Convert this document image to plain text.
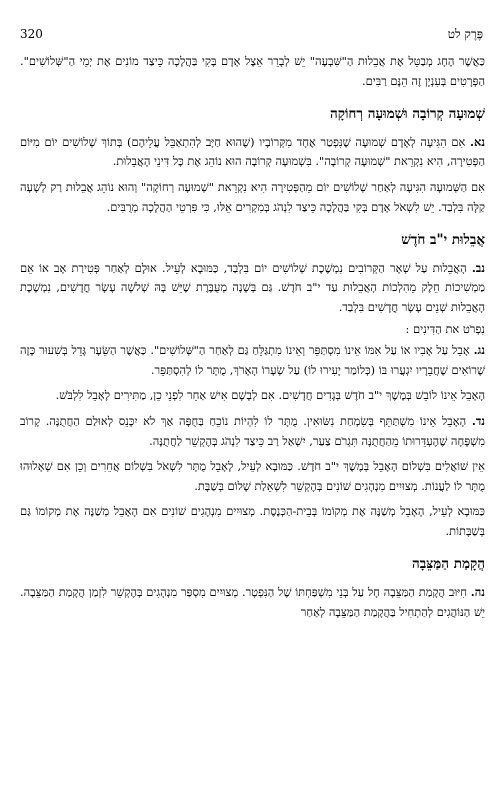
320	פֶּרֶק לט

כַּאֲשֶׁר הֶחָג מְבַטֵּל אֶת אֲבֵלוּת הַ"שִּׁבְעָה" יֵשׁ לְבָרֵר אֵצֶל אָדָם בָּקִי בַּהֲלָכָה כֵּיצַד מוֹנִים אֶת יְמֵי הַ"שְּׁלוֹשִׁים". הַפְּרָטִים בְּעִנְיָן זֶה הֵנָּם רַבִּים.

שְׁמוּעָה קְרוֹבָה וּשְׁמוּעָה רְחוֹקָה

נא. אִם הִגִּיעָה לְאָדָם שְׁמוּעָה שֶׁנִּפְטַר אֶחָד מִקְּרוֹבָיו (שֶׁהוּא חַיָּב לְהִתְאַבֵּל עֲלֵיהֶם) בְּתוֹךְ שְׁלוֹשִׁים יוֹם מִיּוֹם הַפְּטִירָה, הִיא נִקְרֵאת "שְׁמוּעָה קְרוֹבָה". בִּשְׁמוּעָה קְרוֹבָה הוּא נוֹהֵג אֶת כָּל דִּינֵי הָאֲבֵלוּת.

אִם הַשְּׁמוּעָה הִגִּיעָה לְאַחַר שְׁלוֹשִׁים יוֹם מֵהַפְּטִירָה הִיא נִקְרֵאת "שְׁמוּעָה רְחוֹקָה" וְהוּא נוֹהֵג אֲבֵלוּת רַק לְשָׁעָה קַלָּה בִּלְבַד. יֵשׁ לִשְׁאֹל אָדָם בָּקִי בַּהֲלָכָה כֵּיצַד לִנְהֹג בְּמִקְרִים אֵלּוּ, כִּי פִּרְטֵי הַהֲלָכָה מְרֻבִּים.

אֲבֵלוּת י"ב חֹדֶשׁ

נב. הָאֲבֵלוּת עַל שְׁאָר הַקְּרוֹבִים נִמְשֶׁכֶת שְׁלוֹשִׁים יוֹם בִּלְבַד, כַּמּוּבָא לְעֵיל. אוּלָם לְאַחַר פְּטִירַת אָב אוֹ אֵם מַמְשִׁיכוֹת חֵלֶק מֵהִלְכוֹת הָאֲבֵלוּת עַד י"ב חֹדֶשׁ. גַּם בְּשָׁנָה מְעֻבֶּרֶת שֶׁיֵּשׁ בָּהּ שְׁלֹשָׁה עָשָׂר חֳדָשִׁים, נִמְשֶׁכֶת הָאֲבֵלוּת שְׁנֵים עָשָׂר חֳדָשִׁים בִּלְבַד.

נִפְרֹט את הַדִּינִים :

נג. אָבֵל עַל אָבִיו אוֹ עַל אִמּוֹ אֵינוֹ מִסְתַּפֵּר וְאֵינוֹ מִתְגַּלֵּחַ גַּם לְאַחַר הַ"שְּׁלוֹשִׁים". כַּאֲשֶׁר הַשֵּׂעָר גָּדֵל בְּשִׁעוּר כָּזֶה שֶׁרוֹאִים שֶׁחֲבֵרָיו יִגְעֲרוּ בּוֹ (כְּלוֹמַר יָעִירוּ לוֹ) עַל שְׂעָרוֹ הָאָרֹךְ, מֻתָּר לוֹ לְהִסְתַּפֵּר.

הָאָבֵל אֵינוֹ לוֹבֵשׁ בְּמֶשֶׁךְ י"ב חֹדֶשׁ בְּגָדִים חֲדָשִׁים. אִם לְבָשָׁם אִישׁ אַחֵר לִפְנֵי כֵן, מַתִּירִים לָאָבֵל לִלְבֹּשׁ.

נד. הָאָבֵל אֵינוֹ מִשְׁתַּתֵּף בְּשִׂמְחַת נִשּׂוּאִין. מֻתָּר לוֹ לִהְיוֹת נוֹכֵחַ בַּחֻפָּה אַךְ לֹא יִכָּנֵס לְאוּלַם הַחֲתֻנָּה. קָרוֹב מִשְׁפָּחָה שֶׁהֶעְדֵּרוּתוֹ מֵהַחֲתֻנָּה תִּגְרֹם צַעַר, יִשְׁאַל רַב כֵּיצַד לִנְהֹג בְּהֶקְשֵׁר לַחֲתֻנָּה.

אֵין שׁוֹאֲלִים בִּשְׁלוֹם הָאָבֵל בְּמֶשֶׁךְ י"ב חֹדֶשׁ. כַּמּוּבָא לְעֵיל, לָאָבֵל מֻתָּר לִשְׁאֹל בִּשְׁלוֹם אֲחֵרִים וְכֵן אִם שְׁאָלוּהוּ מֻתָּר לוֹ לַעֲנוֹת. מְצוּיִים מִנְהָגִים שׁוֹנִים בְּהֶקְשֵׁר לִשְׁאֵלַת שָׁלוֹם בְּשַׁבָּת.

כַּמּוּבָא לְעֵיל, הָאָבֵל מְשַׁנֶּה אֶת מְקוֹמוֹ בְּבֵית-הַכְּנֶסֶת. מְצוּיִים מִנְהָגִים שׁוֹנִים אִם הָאָבֵל מְשַׁנֶּה אֶת מְקוֹמוֹ גַּם בְּשַׁבָּתוֹת.

הֲקָמַת הַמַּצֵּבָה

נה. חִיּוּב הֲקָמַת הַמַּצֵּבָה חָל עַל בְּנֵי מִשְׁפַּחְתּוֹ שֶׁל הַנִּפְטָר. מְצוּיִים מִסְפַּר מִנְהָגִים בְּהֶקְשֵׁר לִזְמַן הֲקָמַת הַמַּצֵּבָה. יֵשׁ הַנּוֹהֲגִים לְהַתְחִיל בַּהֲקָמַת הַמַּצֵּבָה לְאַחַר
